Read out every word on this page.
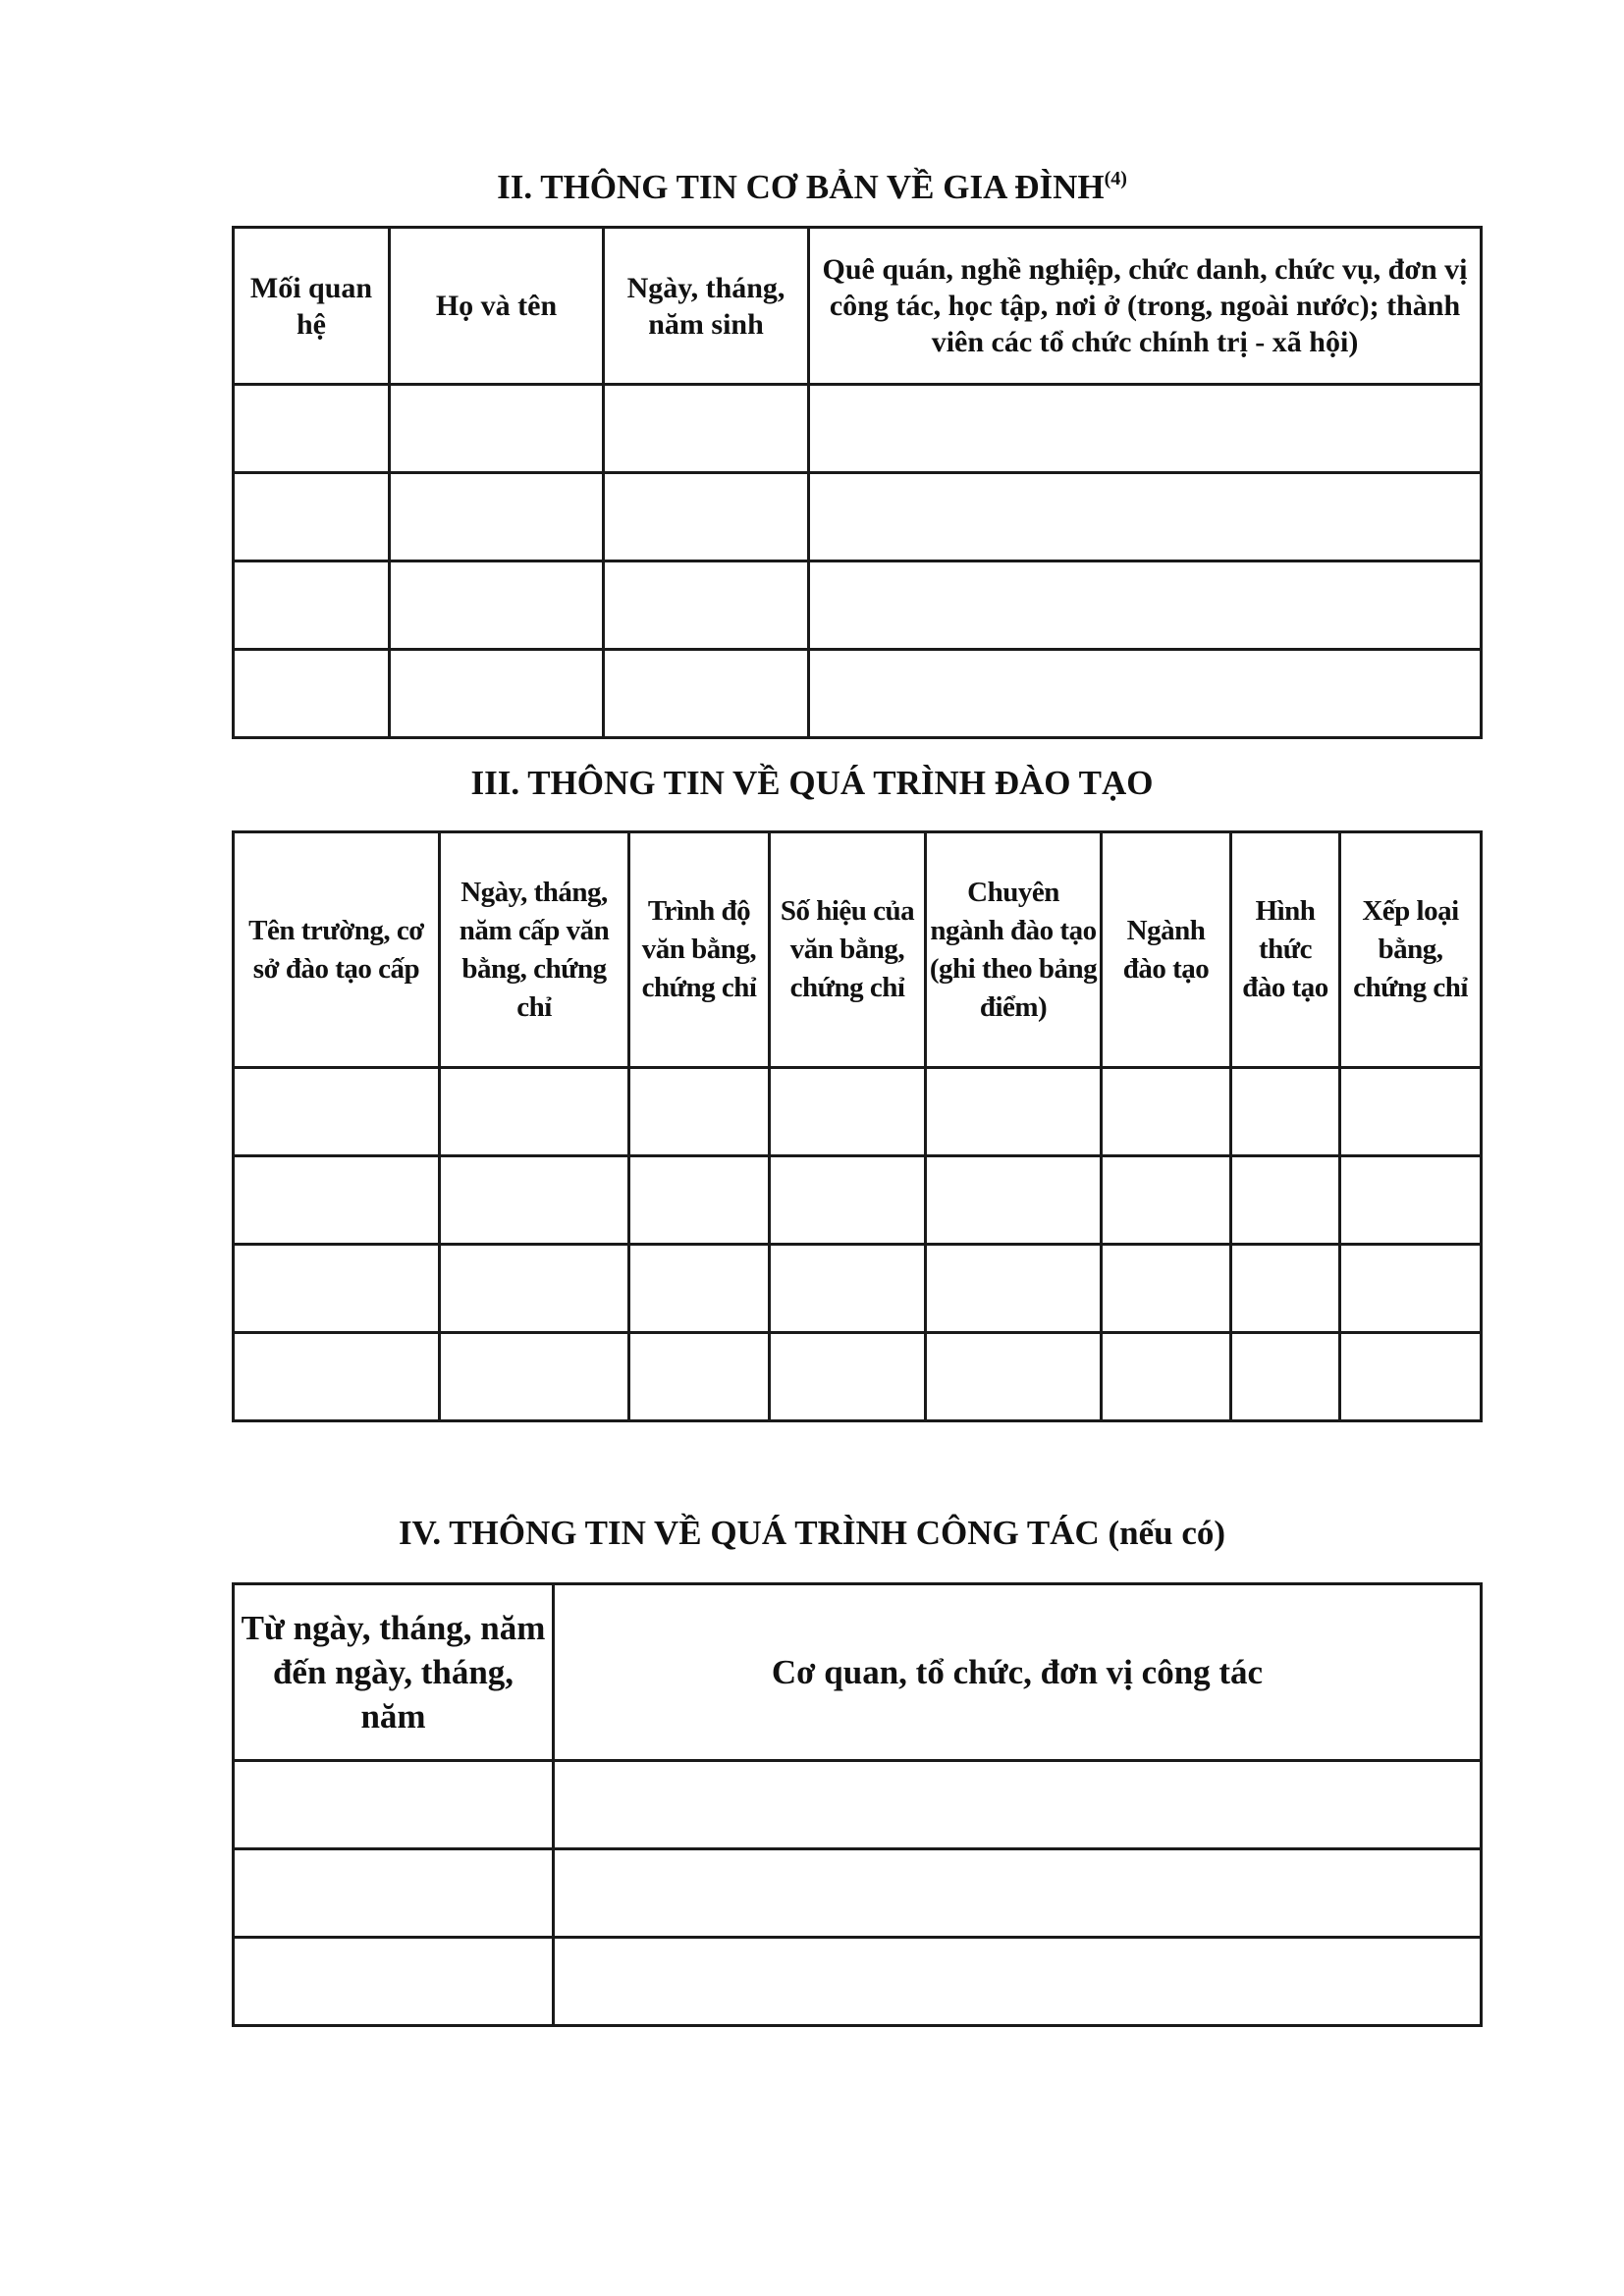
II. THÔNG TIN CƠ BẢN VỀ GIA ĐÌNH$^{(4)}$
Mối quan hệ	Họ và tên	Ngày, tháng, năm sinh	Quê quán, nghề nghiệp, chức danh, chức vụ, đơn vị công tác, học tập, nơi ở (trong, ngoài nước); thành viên các tổ chức chính trị - xã hội)

III. THÔNG TIN VỀ QUÁ TRÌNH ĐÀO TẠO
Tên trường, cơ sở đào tạo cấp	Ngày, tháng, năm cấp văn bằng, chứng chỉ	Trình độ văn bằng, chứng chỉ	Số hiệu của văn bằng, chứng chỉ	Chuyên ngành đào tạo (ghi theo bảng điểm)	Ngành đào tạo	Hình thức đào tạo	Xếp loại bằng, chứng chỉ

IV. THÔNG TIN VỀ QUÁ TRÌNH CÔNG TÁC (nếu có)
Từ ngày, tháng, năm đến ngày, tháng, năm	Cơ quan, tổ chức, đơn vị công tác
